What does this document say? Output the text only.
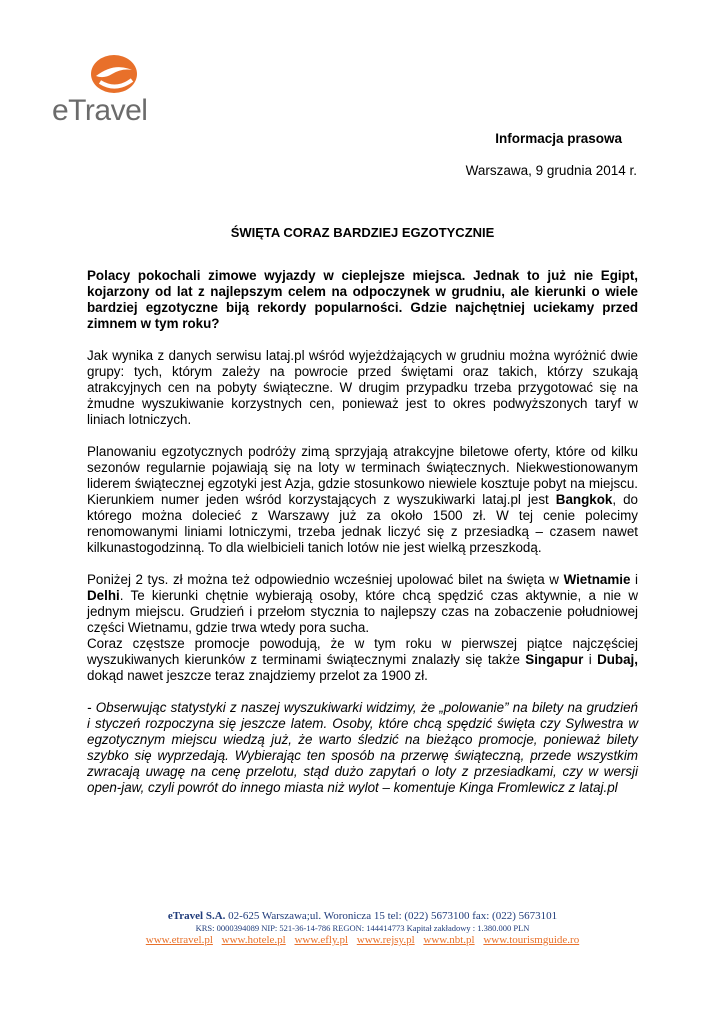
eTravel
Informacja prasowa
Warszawa, 9 grudnia 2014 r.
ŚWIĘTA CORAZ BARDZIEJ EGZOTYCZNIE

Polacy pokochali zimowe wyjazdy w cieplejsze miejsca. Jednak to już nie Egipt, kojarzony od lat z najlepszym celem na odpoczynek w grudniu, ale kierunki o wiele bardziej egzotyczne biją rekordy popularności. Gdzie najchętniej uciekamy przed zimnem w tym roku?

Jak wynika z danych serwisu lataj.pl wśród wyjeżdżających w grudniu można wyróżnić dwie grupy: tych, którym zależy na powrocie przed świętami oraz takich, którzy szukają atrakcyjnych cen na pobyty świąteczne. W drugim przypadku trzeba przygotować się na żmudne wyszukiwanie korzystnych cen, ponieważ jest to okres podwyższonych taryf w liniach lotniczych.

Planowaniu egzotycznych podróży zimą sprzyjają atrakcyjne biletowe oferty, które od kilku sezonów regularnie pojawiają się na loty w terminach świątecznych. Niekwestionowanym liderem świątecznej egzotyki jest Azja, gdzie stosunkowo niewiele kosztuje pobyt na miejscu. Kierunkiem numer jeden wśród korzystających z wyszukiwarki lataj.pl jest Bangkok, do którego można dolecieć z Warszawy już za około 1500 zł. W tej cenie polecimy renomowanymi liniami lotniczymi, trzeba jednak liczyć się z przesiadką – czasem nawet kilkunastogodzinną. To dla wielbicieli tanich lotów nie jest wielką przeszkodą.

Poniżej 2 tys. zł można też odpowiednio wcześniej upolować bilet na święta w Wietnamie i Delhi. Te kierunki chętnie wybierają osoby, które chcą spędzić czas aktywnie, a nie w jednym miejscu. Grudzień i przełom stycznia to najlepszy czas na zobaczenie południowej części Wietnamu, gdzie trwa wtedy pora sucha.

Coraz częstsze promocje powodują, że w tym roku w pierwszej piątce najczęściej wyszukiwanych kierunków z terminami świątecznymi znalazły się także Singapur i Dubaj, dokąd nawet jeszcze teraz znajdziemy przelot za 1900 zł.

- Obserwując statystyki z naszej wyszukiwarki widzimy, że „polowanie” na bilety na grudzień i styczeń rozpoczyna się jeszcze latem. Osoby, które chcą spędzić święta czy Sylwestra w egzotycznym miejscu wiedzą już, że warto śledzić na bieżąco promocje, ponieważ bilety szybko się wyprzedają. Wybierając ten sposób na przerwę świąteczną, przede wszystkim zwracają uwagę na cenę przelotu, stąd dużo zapytań o loty z przesiadkami, czy w wersji open-jaw, czyli powrót do innego miasta niż wylot – komentuje Kinga Fromlewicz z lataj.pl

eTravel S.A. 02-625 Warszawa;ul. Woronicza 15 tel: (022) 5673100 fax: (022) 5673101
KRS: 0000394089 NIP: 521-36-14-786 REGON: 144414773 Kapitał zakładowy : 1.380.000 PLN
www.etravel.pl www.hotele.pl www.efly.pl www.rejsy.pl www.nbt.pl www.tourismguide.ro
